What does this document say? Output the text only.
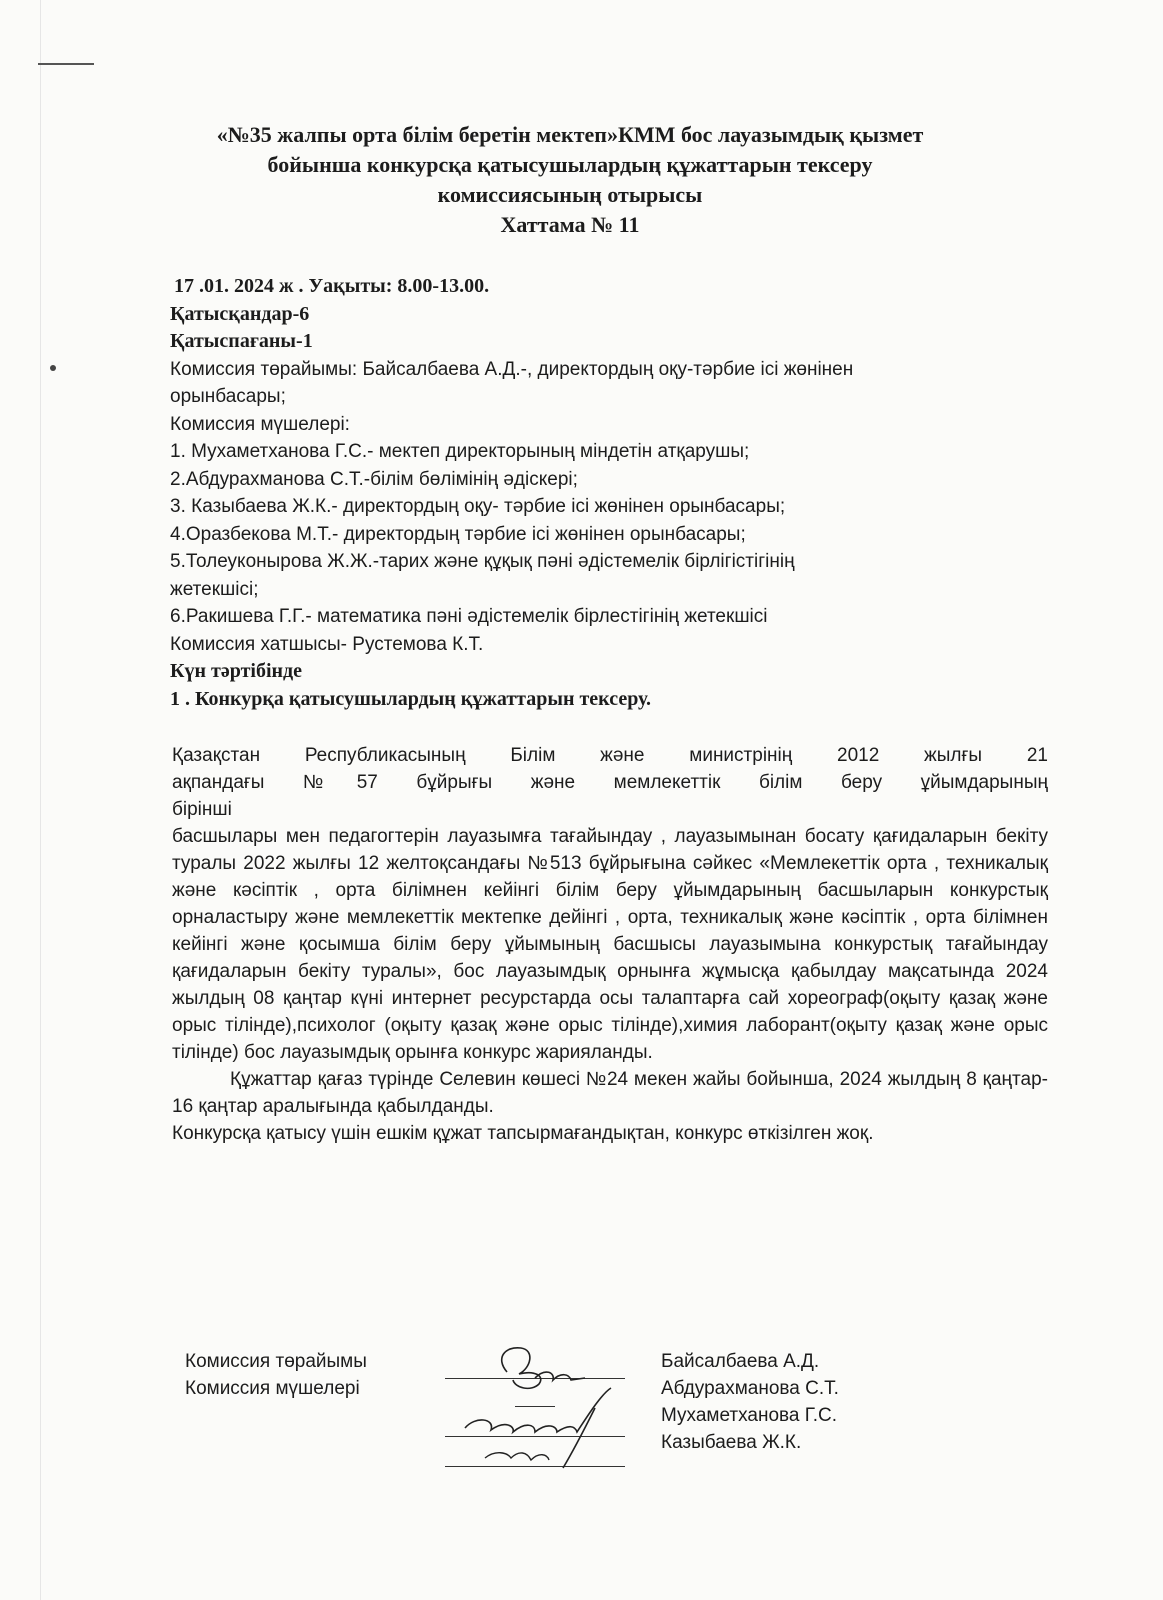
«№35 жалпы орта білім беретін мектеп»КММ бос лауазымдық қызмет
бойынша конкурсқа қатысушылардың құжаттарын тексеру
комиссиясының отырысы
Хаттама № 11
17 .01. 2024 ж . Уақыты: 8.00-13.00.
Қатысқандар-6
Қатыспағаны-1
Комиссия төрайымы: Байсалбаева А.Д.-, директордың оқу-тәрбие ісі жөнінен
орынбасары;
Комиссия мүшелері:
1. Мухаметханова Г.С.- мектеп директорының міндетін атқарушы;
2.Абдурахманова С.Т.-білім бөлімінің әдіскері;
3. Казыбаева Ж.К.- директордың оқу- тәрбие ісі жөнінен орынбасары;
4.Оразбекова М.Т.- директордың тәрбие ісі жөнінен орынбасары;
5.Толеуконырова Ж.Ж.-тарих және құқық пәні әдістемелік бірлігістігінің
жетекшісі;
6.Ракишева Г.Г.- математика пәні әдістемелік бірлестігінің жетекшісі
Комиссия хатшысы- Рустемова К.Т.
Күн тәртібінде
1 . Конкурқа қатысушылардың құжаттарын тексеру.

Қазақстан Республикасының Білім және министрінің 2012 жылғы 21

ақпандағы №57 бұйрығы және мемлекеттік білім беру ұйымдарының

бірінші

басшылары мен педагогтерін лауазымға тағайындау , лауазымынан босату қағидаларын бекіту туралы 2022 жылғы 12 желтоқсандағы №513 бұйрығына сәйкес «Мемлекеттік орта , техникалық және кәсіптік , орта білімнен кейінгі білім беру ұйымдарының басшыларын конкурстық орналастыру және мемлекеттік мектепке дейінгі , орта, техникалық және кәсіптік , орта білімнен кейінгі және қосымша білім беру ұйымының басшысы лауазымына конкурстық тағайындау қағидаларын бекіту туралы», бос лауазымдық орнынға жұмысқа қабылдау мақсатында 2024 жылдың 08 қаңтар күні интернет ресурстарда осы талаптарға сай хореограф(оқыту қазақ және орыс тілінде),психолог (оқыту қазақ және орыс тілінде),химия лаборант(оқыту қазақ және орыс тілінде) бос лауазымдық орынға конкурс жарияланды.

Құжаттар қағаз түрінде Селевин көшесі №24 мекен жайы бойынша, 2024 жылдың 8 қаңтар- 16 қаңтар аралығында қабылданды.

Конкурсқа қатысу үшін ешкім құжат тапсырмағандықтан, конкурс өткізілген жоқ.

Комиссия төрайымы
Комиссия мүшелері
Байсалбаева А.Д.
Абдурахманова С.Т.
Мухаметханова Г.С.
Казыбаева Ж.К.
